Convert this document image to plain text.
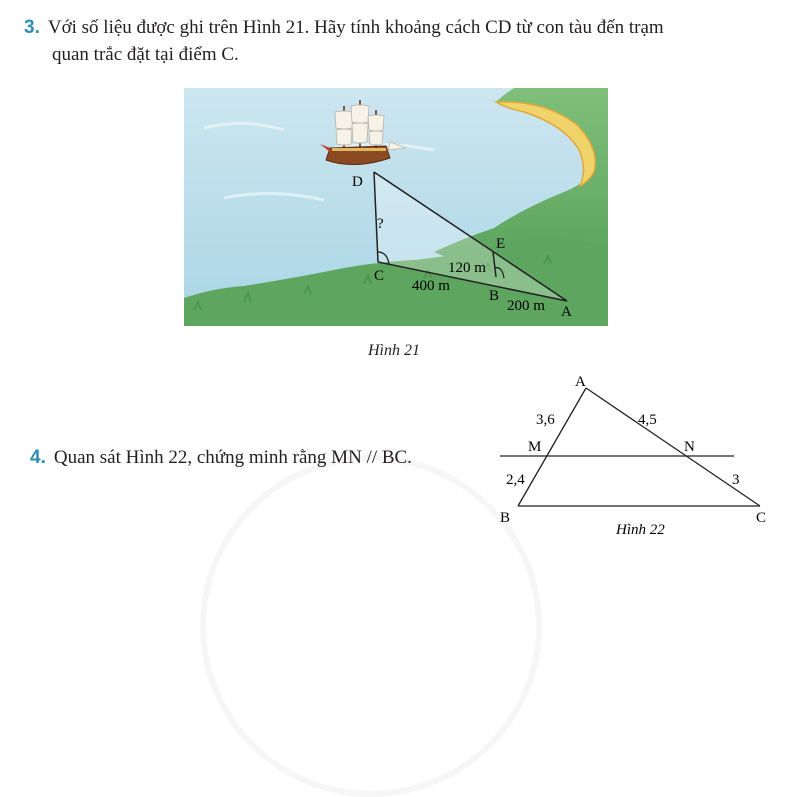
3. Với số liệu được ghi trên Hình 21. Hãy tính khoảng cách CD từ con tàu đến trạm
quan trắc đặt tại điểm C.
D
?
C
E
120 m
400 m
B
200 m A
Hình 21
4. Quan sát Hình 22, chứng minh rằng MN // BC.
A
3,6	4,5
M	N
2,4	3
B	C
Hình 22
